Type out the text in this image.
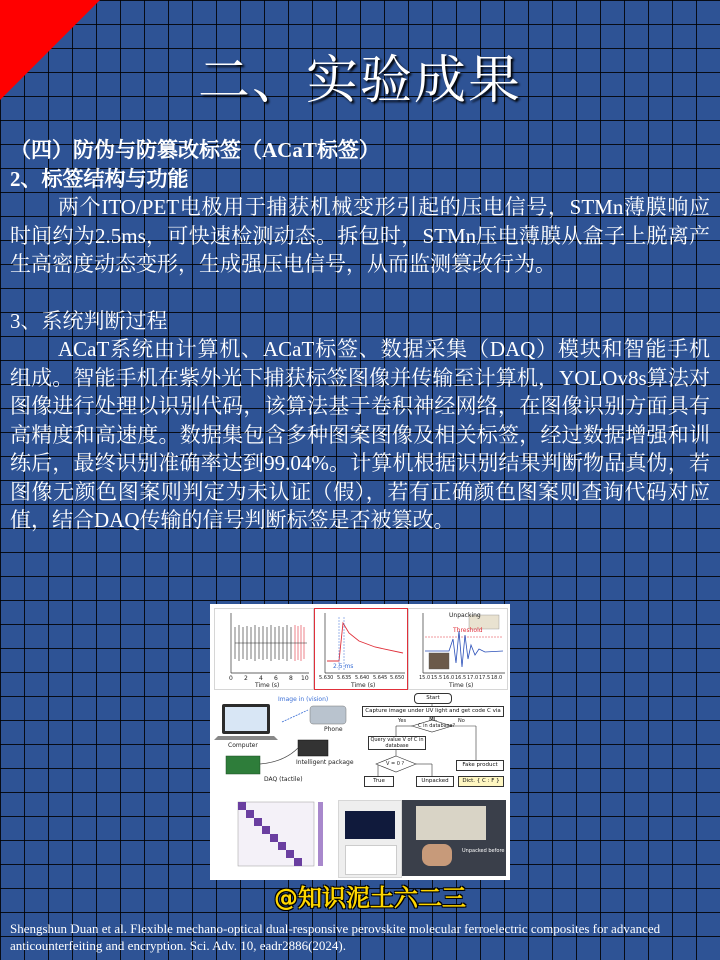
二、实验成果

（四）防伪与防篡改标签（ACaT标签）

2、标签结构与功能

两个ITO/PET电极用于捕获机械变形引起的压电信号，STMn薄膜响应时间约为2.5ms，可快速检测动态。拆包时，STMn压电薄膜从盒子上脱离产生高密度动态变形，生成强压电信号，从而监测篡改行为。

3、系统判断过程

ACaT系统由计算机、ACaT标签、数据采集（DAQ）模块和智能手机组成。智能手机在紫外光下捕获标签图像并传输至计算机，YOLOv8s算法对图像进行处理以识别代码，该算法基于卷积神经网络，在图像识别方面具有高精度和高速度。数据集包含多种图案图像及相关标签，经过数据增强和训练后，最终识别准确率达到99.04%。计算机根据识别结果判断物品真伪，若图像无颜色图案则判定为未认证（假），若有正确颜色图案则查询代码对应值，结合DAQ传输的信号判断标签是否被篡改。

0 2 4 6 8 10
Time (s)
2.5 ms
5.630 5.635 5.640 5.645 5.650
Time (s)
Unpacking
Threshold
15.0 15.5 16.0 16.5 17.0 17.5 18.0
Time (s)
Image in (vision)
Computer
Phone
Intelligent package
DAQ (tactile)
Start
Capture image under UV light and get code C via ML
C in database?
Yes	No
Query value V of C in database
V = 0 ?	Fake product
True	Unpacked	Dict. { C : F }
Unpacked before
@知识泥土六二三
Shengshun Duan et al. Flexible mechano-optical dual-responsive perovskite molecular ferroelectric composites for advanced anticounterfeiting and encryption. Sci. Adv. 10, eadr2886(2024).
